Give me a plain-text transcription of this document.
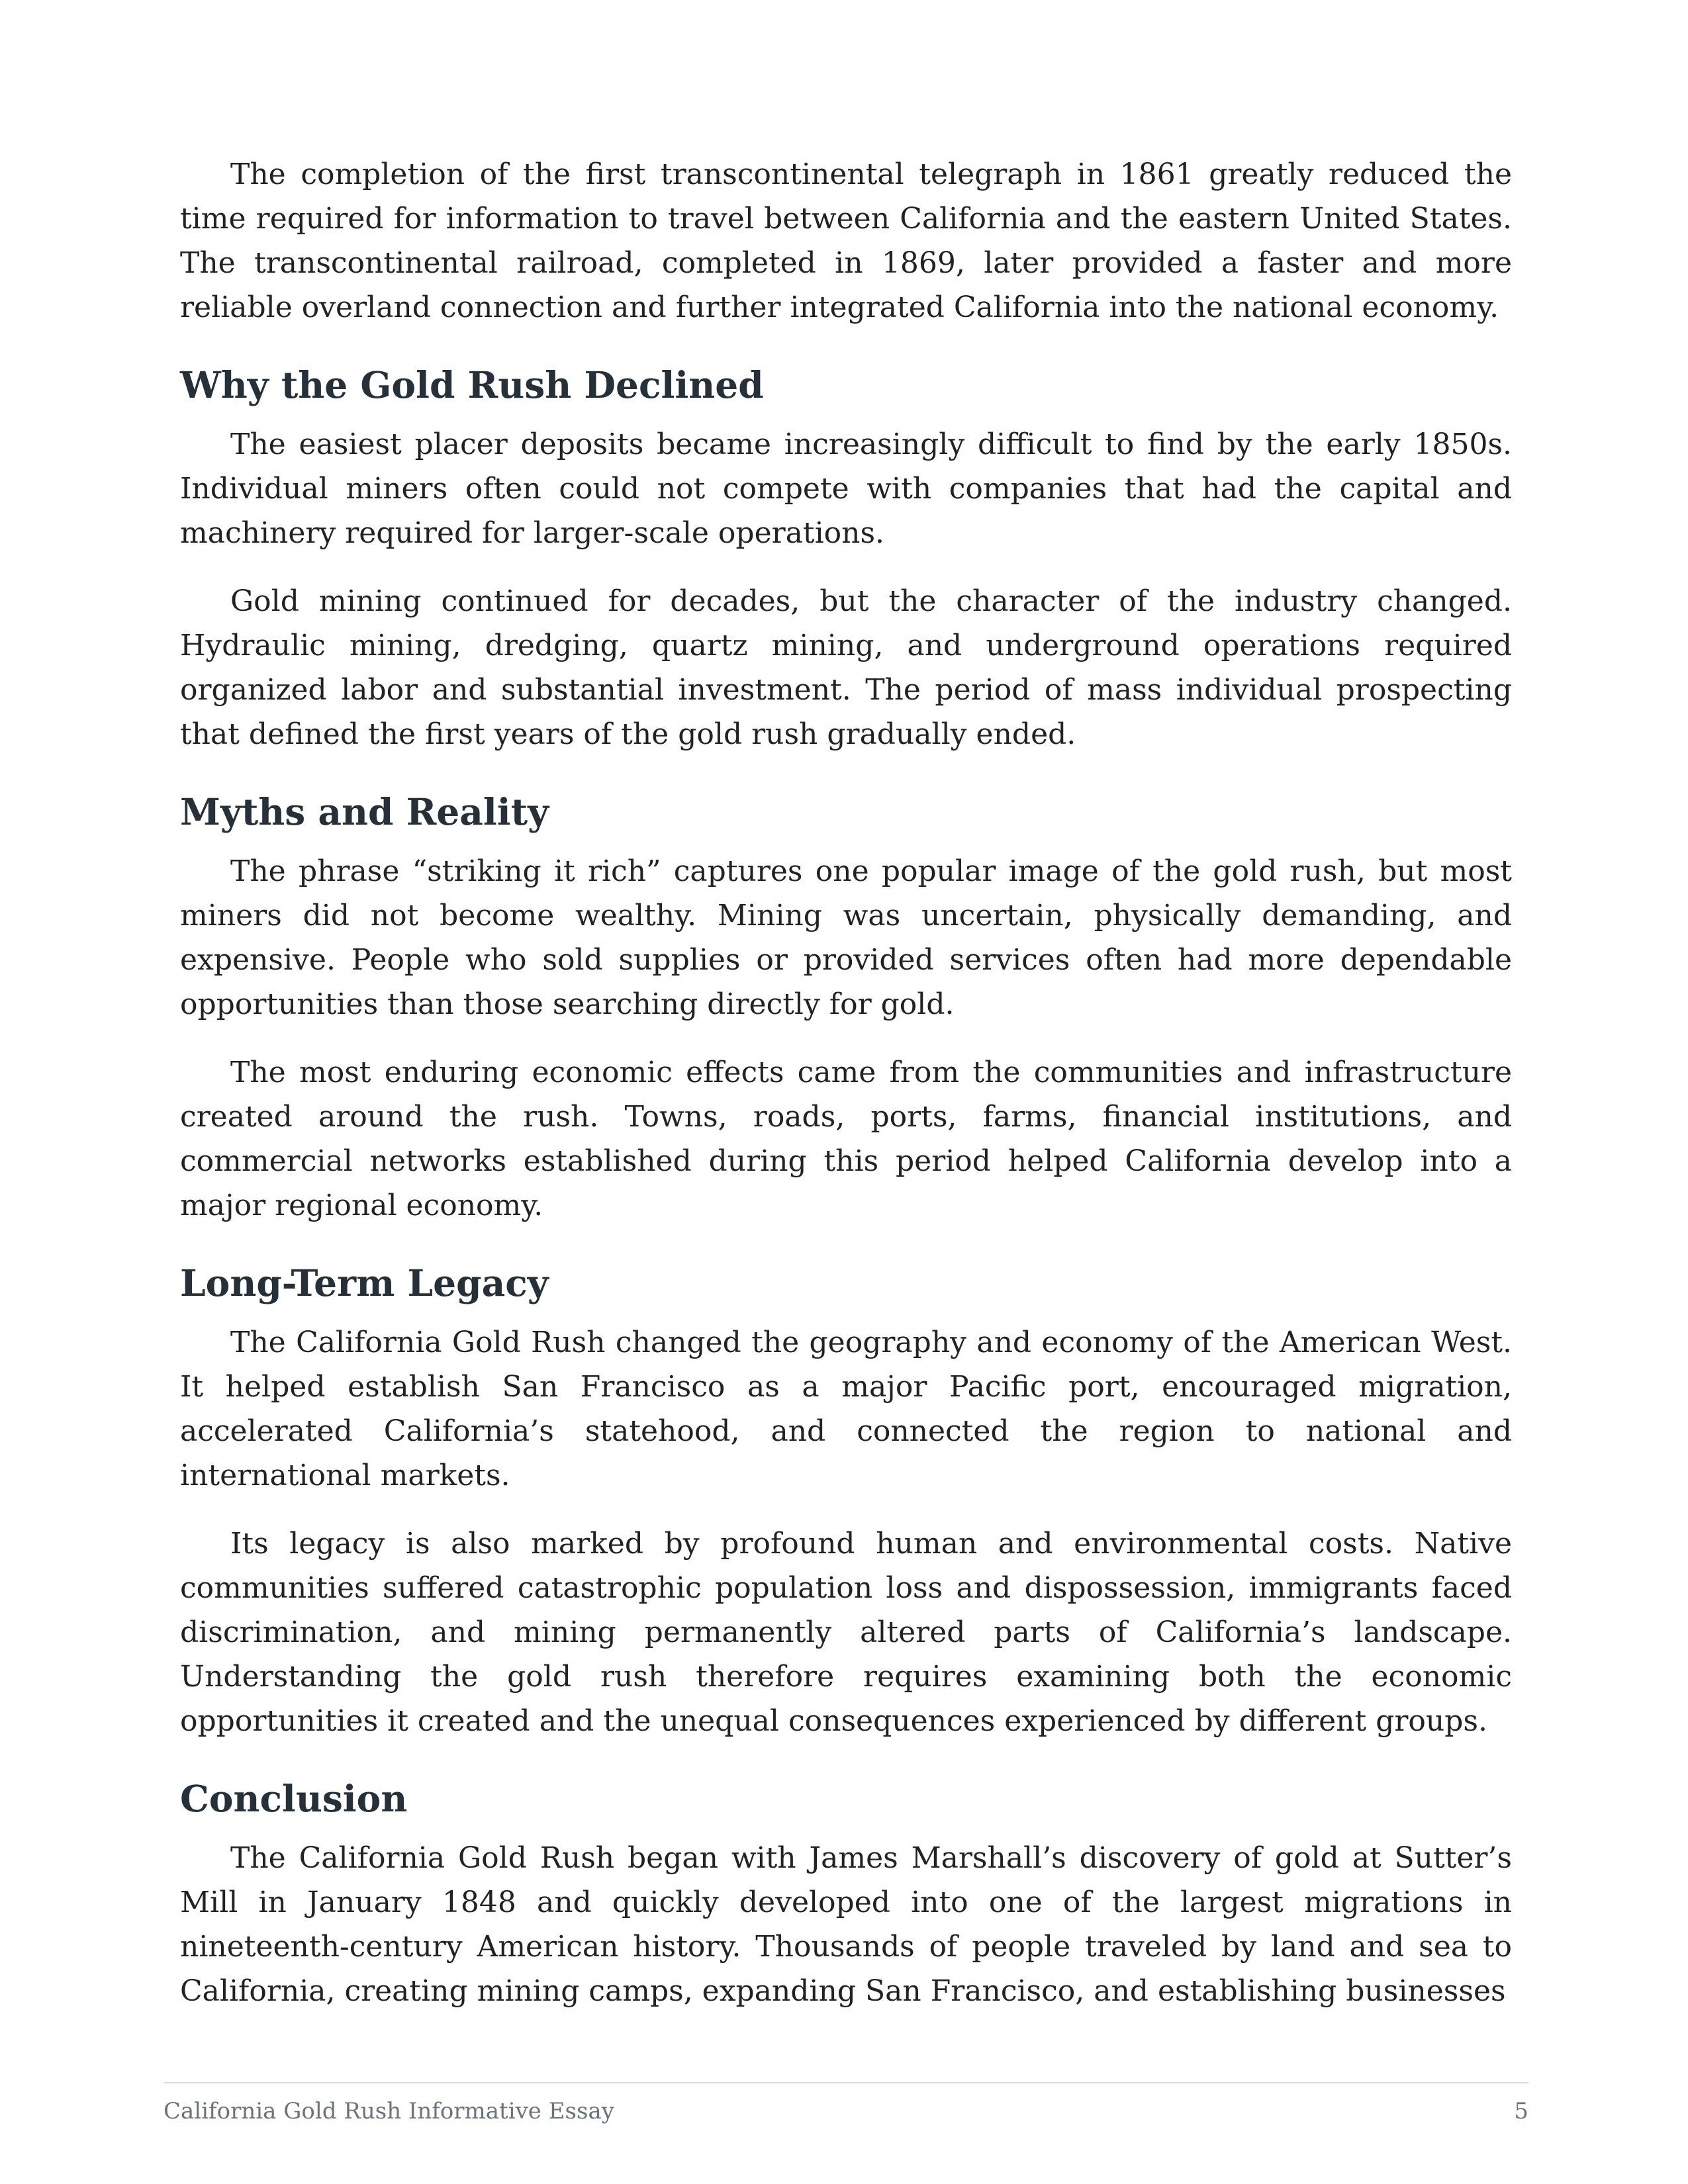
The completion of the first transcontinental telegraph in 1861 greatly reduced the time required for information to travel between California and the eastern United States. The transcontinental railroad, completed in 1869, later provided a faster and more reliable overland connection and further integrated California into the national economy.

Why the Gold Rush Declined

The easiest placer deposits became increasingly difficult to find by the early 1850s. Individual miners often could not compete with companies that had the capital and machinery required for larger-scale operations.

Gold mining continued for decades, but the character of the industry changed. Hydraulic mining, dredging, quartz mining, and underground operations required organized labor and substantial investment. The period of mass individual prospecting that defined the first years of the gold rush gradually ended.

Myths and Reality

The phrase “striking it rich” captures one popular image of the gold rush, but most miners did not become wealthy. Mining was uncertain, physically demanding, and expensive. People who sold supplies or provided services often had more dependable opportunities than those searching directly for gold.

The most enduring economic effects came from the communities and infrastructure created around the rush. Towns, roads, ports, farms, financial institutions, and commercial networks established during this period helped California develop into a major regional economy.

Long-Term Legacy

The California Gold Rush changed the geography and economy of the American West. It helped establish San Francisco as a major Pacific port, encouraged migration, accelerated California’s statehood, and connected the region to national and international markets.

Its legacy is also marked by profound human and environmental costs. Native communities suffered catastrophic population loss and dispossession, immigrants faced discrimination, and mining permanently altered parts of California’s landscape. Understanding the gold rush therefore requires examining both the economic opportunities it created and the unequal consequences experienced by different groups.

Conclusion

The California Gold Rush began with James Marshall’s discovery of gold at Sutter’s Mill in January 1848 and quickly developed into one of the largest migrations in nineteenth-century American history. Thousands of people traveled by land and sea to California, creating mining camps, expanding San Francisco, and establishing businesses

California Gold Rush Informative Essay	5
